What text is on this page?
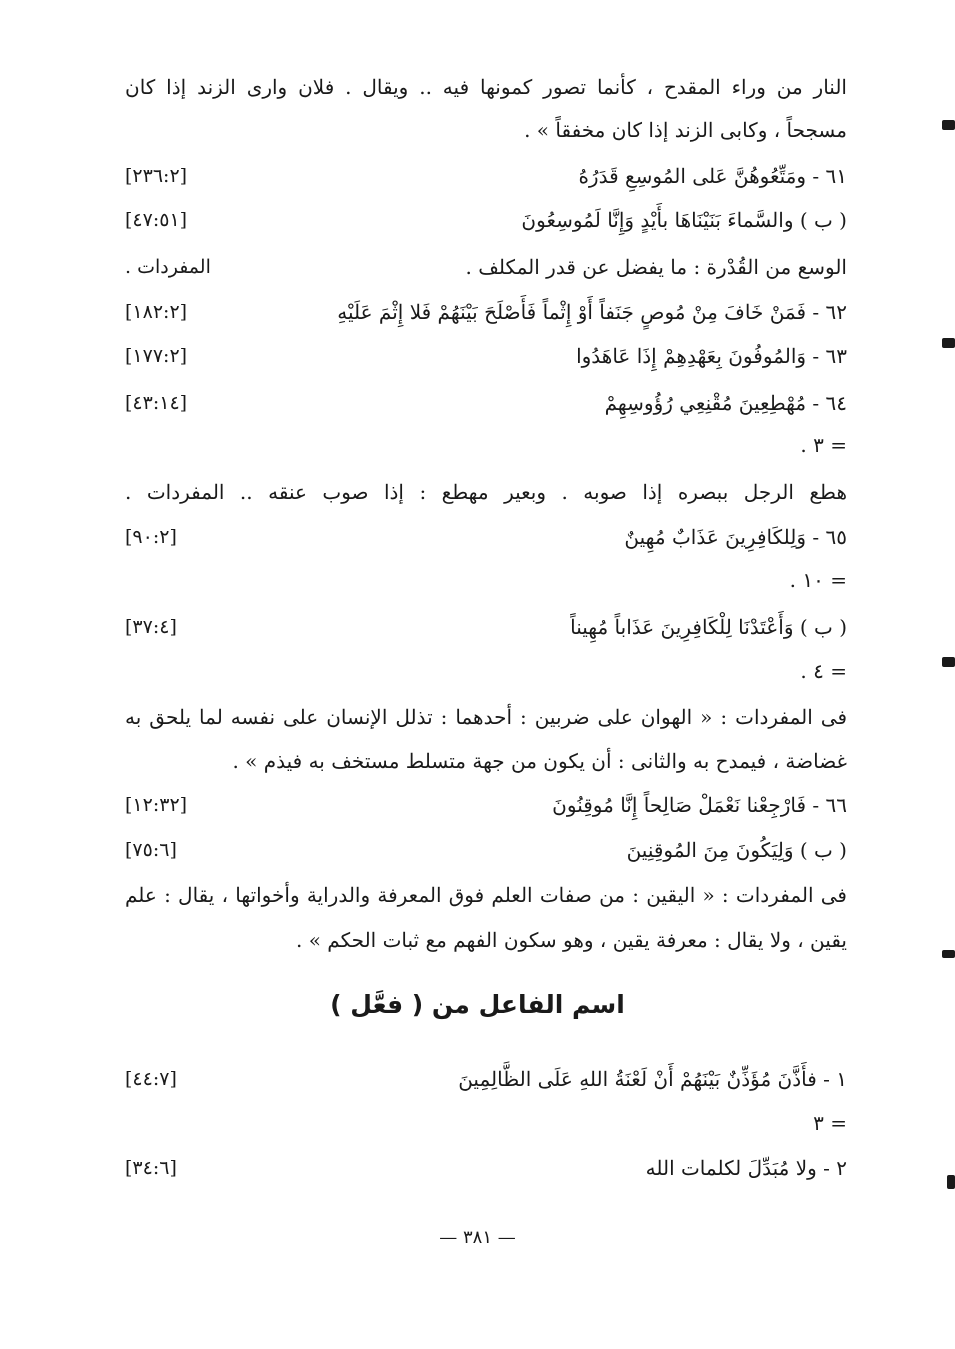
النار من وراء المقدح ، كأنما تصور كمونها فيه .. ويقال . فلان وارى الزند إذا كان
مسجحاً ، وكابى الزند إذا كان مخفقاً » .
٦١ - ومَتِّعُوهُنَّ عَلى المُوسِعِ قَدَرُهُ
[٢٣٦:٢]
( ب ) والسَّماءَ بَنَيْنَاهَا بأَيْدٍ وَإِنَّا لَمُوسِعُونَ
[٤٧:٥١]
الوسع من القُدْرة : ما يفضل عن قدر المكلف .
المفردات .
٦٢ - فَمَنْ خَافَ مِنْ مُوصٍ جَنَفاً أَوْ إِثْماً فَأَصْلَحَ بَيْنَهُمْ فَلا إِثْمَ عَلَيْهِ
[١٨٢:٢]
٦٣ - وَالمُوفُونَ بِعَهْدِهِمْ إِذَا عَاهَدُوا
[١٧٧:٢]
٦٤ - مُهْطِعِينَ مُقْنِعِي رُؤُوسِهِمْ
[٤٣:١٤]
= ٣ .
هطع الرجل ببصره إذا صوبه . وبعير مهطع : إذا صوب عنقه .. المفردات .
٦٥ - وَلِلكَافِرِينَ عَذَابٌ مُهِينٌ
[٩٠:٢]
= ١٠ .
( ب ) وَأَعْتَدْنَا لِلْكَافِرِينَ عَذَاباً مُهِيناً
[٣٧:٤]
= ٤ .
فى المفردات : « الهوان على ضربين : أحدهما : تذلل الإنسان على نفسه لما يلحق به
غضاضة ، فيمدح به والثانى : أن يكون من جهة متسلط مستخف به فيذم » .
٦٦ - فَارْجِعْنا نَعْمَلْ صَالِحاً إِنَّا مُوقِنُونَ
[١٢:٣٢]
( ب ) وَلِيَكُونَ مِنَ المُوقِنِينَ
[٧٥:٦]
فى المفردات : « اليقين : من صفات العلم فوق المعرفة والدراية وأخواتها ، يقال : علم
يقين ، ولا يقال : معرفة يقين ، وهو سكون الفهم مع ثبات الحكم » .
اسم الفاعل من ( فعَّل )
١ - فأَذَّنَ مُؤَذِّنٌ بَيْنَهُمْ أَنْ لَعْنَةُ اللهِ عَلَى الظَّالِمِينَ
[٤٤:٧]
= ٣
٢ - ولا مُبَدِّلَ لكلمات الله
[٣٤:٦]
— ٣٨١ —
